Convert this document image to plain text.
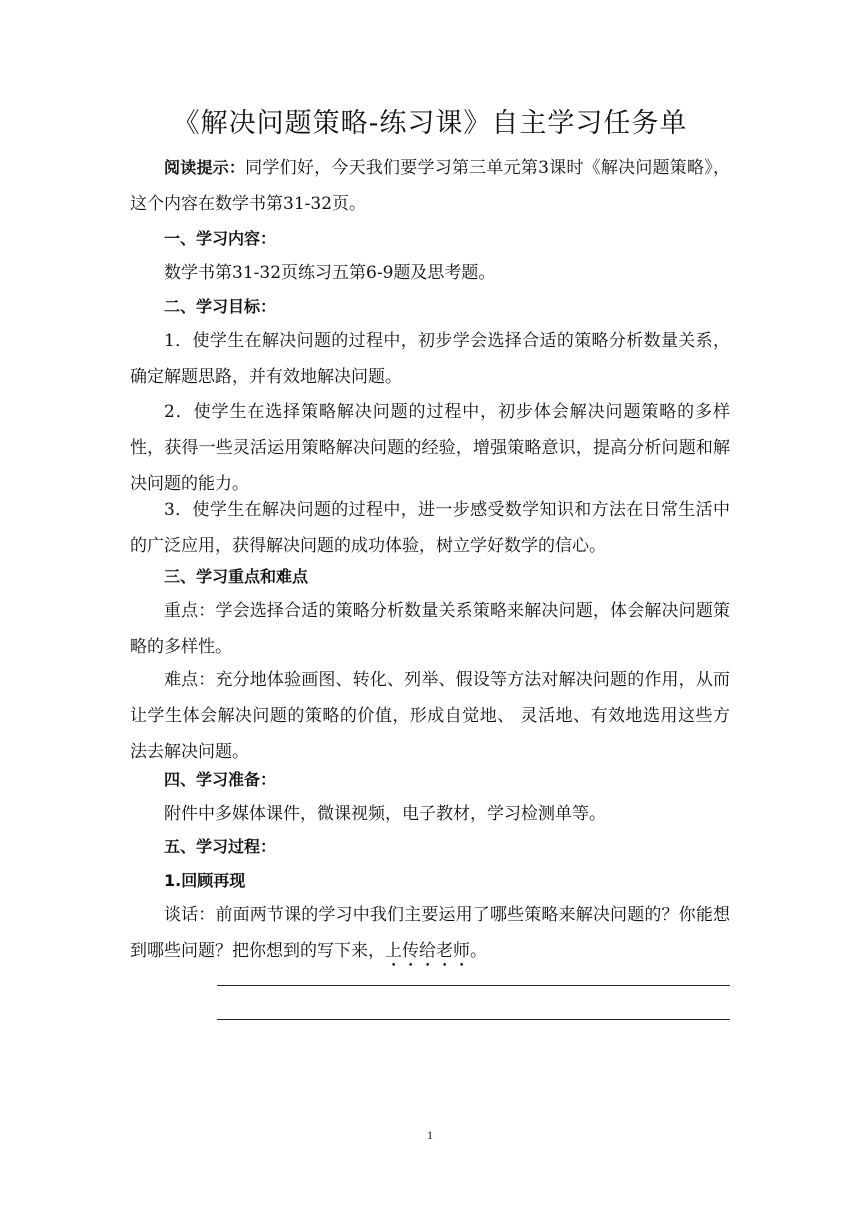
《解决问题策略-练习课》自主学习任务单
阅读提示：同学们好，今天我们要学习第三单元第3课时《解决问题策略》，这个内容在数学书第31-32页。
一、学习内容：
数学书第31-32页练习五第6-9题及思考题。
二、学习目标：
1．使学生在解决问题的过程中，初步学会选择合适的策略分析数量关系，确定解题思路，并有效地解决问题。
2．使学生在选择策略解决问题的过程中，初步体会解决问题策略的多样性，获得一些灵活运用策略解决问题的经验，增强策略意识，提高分析问题和解决问题的能力。
3．使学生在解决问题的过程中，进一步感受数学知识和方法在日常生活中的广泛应用，获得解决问题的成功体验，树立学好数学的信心。
三、学习重点和难点
重点：学会选择合适的策略分析数量关系策略来解决问题，体会解决问题策略的多样性。
难点：充分地体验画图、转化、列举、假设等方法对解决问题的作用，从而让学生体会解决问题的策略的价值，形成自觉地、 灵活地、有效地选用这些方法去解决问题。
四、学习准备：
附件中多媒体课件，微课视频，电子教材，学习检测单等。
五、学习过程：
1.回顾再现
谈话：前面两节课的学习中我们主要运用了哪些策略来解决问题的？你能想到哪些问题？把你想到的写下来，上传给老师。
1
